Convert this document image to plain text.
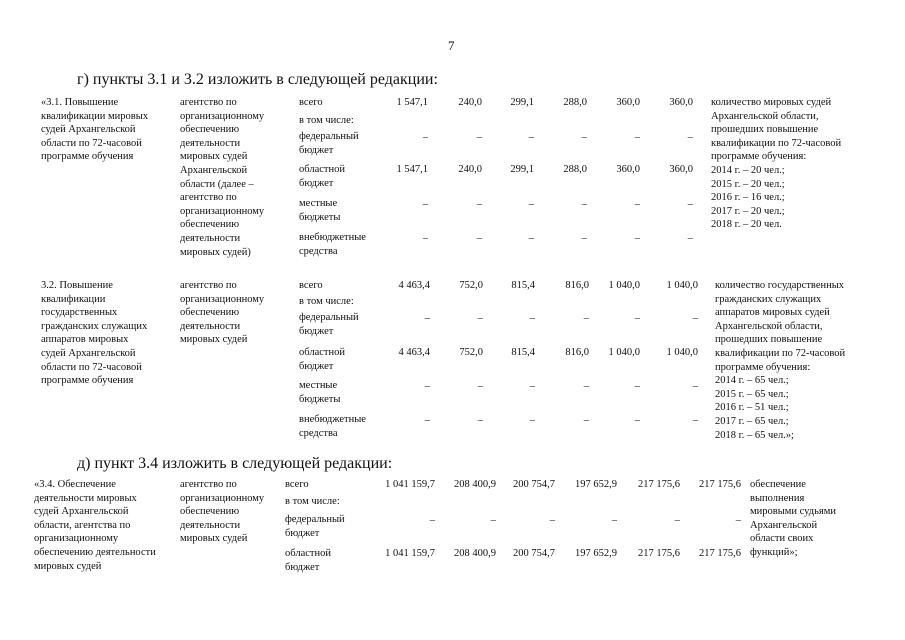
7
г) пункты 3.1 и 3.2 изложить в следующей редакции:
д) пункт 3.4 изложить в следующей редакции:
«3.1. Повышение
квалификации мировых
судей Архангельской
области по 72-часовой
программе обучения
агентство по
организационному
обеспечению
деятельности
мировых судей
Архангельской
области (далее –
агентство по
организационному
обеспечению
деятельности
мировых судей)
количество мировых судей
Архангельской области,
прошедших повышение
квалификации по 72-часовой
программе обучения:
2014 г. – 20 чел.;
2015 г. – 20 чел.;
2016 г. – 16 чел.;
2017 г. – 20 чел.;
2018 г. – 20 чел.
всего
в том числе:
федеральный
бюджет
областной
бюджет
местные
бюджеты
внебюджетные
средства
1 547,1
1 547,1
–
–
–
240,0
240,0
–
–
–
299,1
299,1
–
–
–
288,0
288,0
–
–
–
360,0
360,0
–
–
–
360,0
360,0
–
–
–
3.2. Повышение
квалификации
государственных
гражданских служащих
аппаратов мировых
судей Архангельской
области по 72-часовой
программе обучения
агентство по
организационному
обеспечению
деятельности
мировых судей
количество государственных
гражданских служащих
аппаратов мировых судей
Архангельской области,
прошедших повышение
квалификации по 72-часовой
программе обучения:
2014 г. – 65 чел.;
2015 г. – 65 чел.;
2016 г. – 51 чел.;
2017 г. – 65 чел.;
2018 г. – 65 чел.»;
всего
в том числе:
федеральный
бюджет
областной
бюджет
местные
бюджеты
внебюджетные
средства
4 463,4
4 463,4
–
–
–
752,0
752,0
–
–
–
815,4
815,4
–
–
–
816,0
816,0
–
–
–
1 040,0
1 040,0
–
–
–
1 040,0
1 040,0
–
–
–
«3.4. Обеспечение
деятельности мировых
судей Архангельской
области, агентства по
организационному
обеспечению деятельности
мировых судей
агентство по
организационному
обеспечению
деятельности
мировых судей
обеспечение
выполнения
мировыми судьями
Архангельской
области своих
функций»;
всего
в том числе:
федеральный
бюджет
областной
бюджет
1 041 159,7
1 041 159,7
–
208 400,9
208 400,9
–
200 754,7
200 754,7
–
197 652,9
197 652,9
–
217 175,6
217 175,6
–
217 175,6
217 175,6
–
